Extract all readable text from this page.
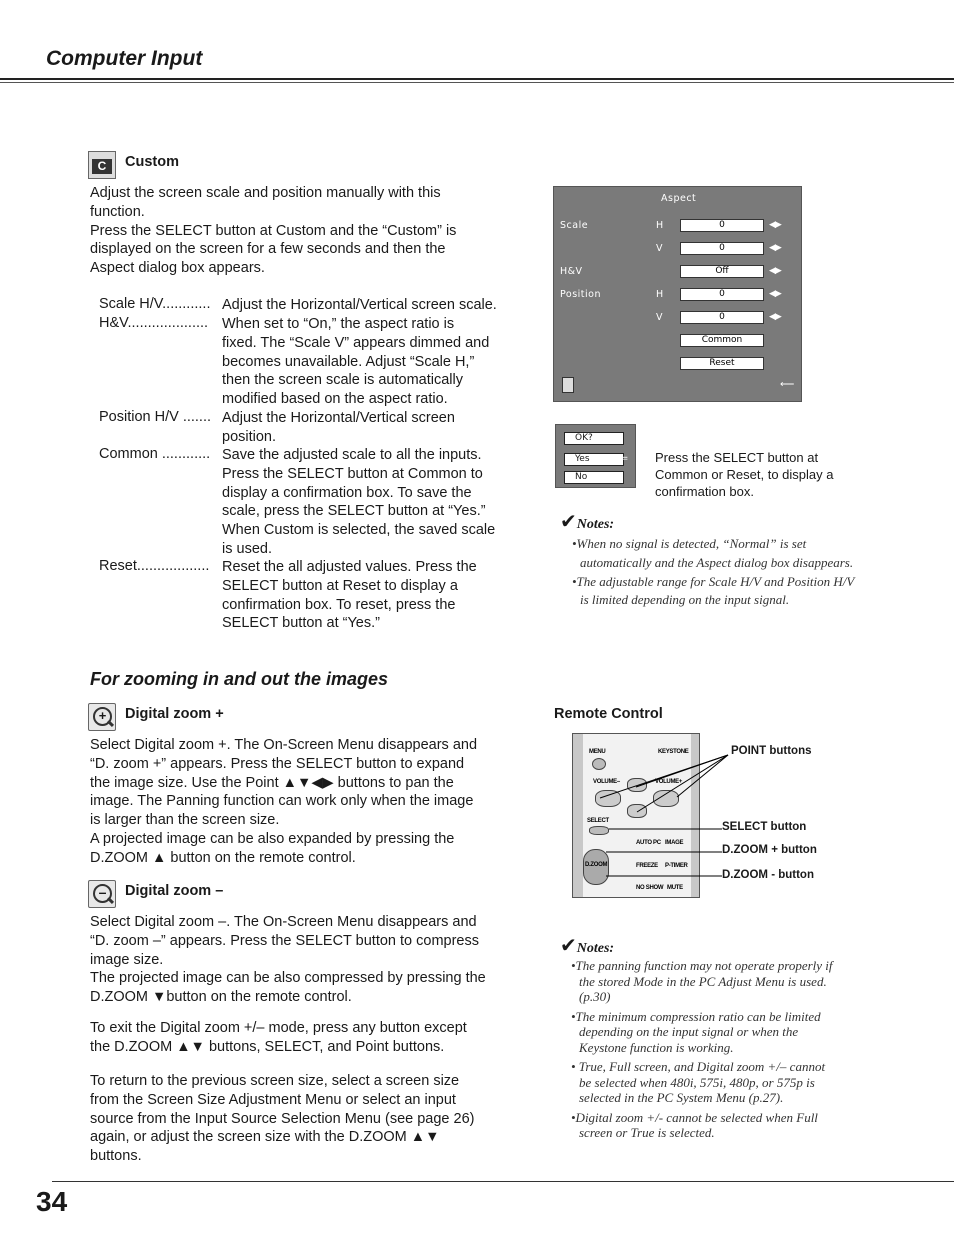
Computer Input
C	Custom
Adjust the screen scale and position manually with this
function.
Press the SELECT button at Custom and the “Custom” is
displayed on the screen for a few seconds and then the
Aspect dialog box appears.
Scale H/V............ Adjust the Horizontal/Vertical screen scale.
H&V.................... When set to “On,” the aspect ratio is
fixed. The “Scale V” appears dimmed and
becomes unavailable. Adjust “Scale H,”
then the screen scale is automatically
modified based on the aspect ratio.
Position H/V ....... Adjust the Horizontal/Vertical screen
position.
Common ............ Save the adjusted scale to all the inputs.
Press the SELECT button at Common to
display a confirmation box. To save the
scale, press the SELECT button at “Yes.”
When Custom is selected, the saved scale
is used.
Reset.................. Reset the all adjusted values. Press the
SELECT button at Reset to display a
confirmation box. To reset, press the
SELECT button at “Yes.”
Aspect
Scale	H	0	◀▶
V	0	◀▶
H&V	Off	◀▶
Position	H	0	◀▶
V	0	◀▶
Common
Reset
⟵
OK?
Yes	⇐
No
Press the SELECT button at
Common or Reset, to display a
confirmation box.
✔Notes:
•When no signal is detected, “Normal” is set
automatically and the Aspect dialog box disappears.
•The adjustable range for Scale H/V and Position H/V
is limited depending on the input signal.
For zooming in and out the images
+	Digital zoom +
Select Digital zoom +. The On-Screen Menu disappears and
“D. zoom +” appears. Press the SELECT button to expand
the image size. Use the Point ▲▼◀▶ buttons to pan the
image. The Panning function can work only when the image
is larger than the screen size.
A projected image can be also expanded by pressing the
D.ZOOM ▲ button on the remote control.
–	Digital zoom –
Select Digital zoom –. The On-Screen Menu disappears and
“D. zoom –” appears. Press the SELECT button to compress
image size.
The projected image can be also compressed by pressing the
D.ZOOM ▼button on the remote control.
To exit the Digital zoom +/– mode, press any button except
the D.ZOOM ▲▼ buttons, SELECT, and Point buttons.
To return to the previous screen size, select a screen size
from the Screen Size Adjustment Menu or select an input
source from the Input Source Selection Menu (see page 26)
again, or adjust the screen size with the D.ZOOM ▲▼
buttons.
Remote Control
MENU	KEYSTONE
VOLUME–	VOLUME+
SELECT
AUTO PC IMAGE
D.ZOOM	FREEZE P-TIMER
NO SHOW MUTE
POINT buttons
SELECT button
D.ZOOM + button
D.ZOOM - button
✔Notes:
•The panning function may not operate properly if
the stored Mode in the PC Adjust Menu is used.
(p.30)
•The minimum compression ratio can be limited
depending on the input signal or when the
Keystone function is working.
• True, Full screen, and Digital zoom +/– cannot
be selected when 480i, 575i, 480p, or 575p is
selected in the PC System Menu (p.27).
•Digital zoom +/- cannot be selected when Full
screen or True is selected.
34
